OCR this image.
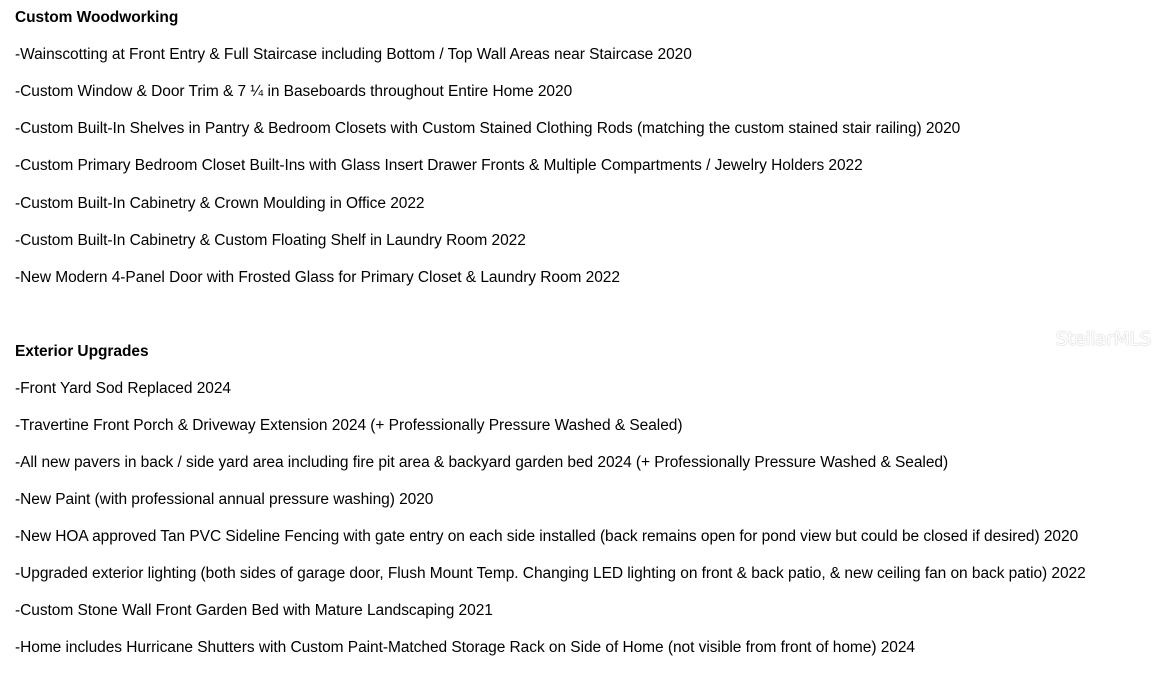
Custom Woodworking
-Wainscotting at Front Entry & Full Staircase including Bottom / Top Wall Areas near Staircase 2020
-Custom Window & Door Trim & 7 ¼ in Baseboards throughout Entire Home 2020
-Custom Built-In Shelves in Pantry & Bedroom Closets with Custom Stained Clothing Rods (matching the custom stained stair railing) 2020
-Custom Primary Bedroom Closet Built-Ins with Glass Insert Drawer Fronts & Multiple Compartments / Jewelry Holders 2022
-Custom Built-In Cabinetry & Crown Moulding in Office 2022
-Custom Built-In Cabinetry & Custom Floating Shelf in Laundry Room 2022
-New Modern 4-Panel Door with Frosted Glass for Primary Closet & Laundry Room 2022
Exterior Upgrades
-Front Yard Sod Replaced 2024
-Travertine Front Porch & Driveway Extension 2024 (+ Professionally Pressure Washed & Sealed)
-All new pavers in back / side yard area including fire pit area & backyard garden bed 2024 (+ Professionally Pressure Washed & Sealed)
-New Paint (with professional annual pressure washing) 2020
-New HOA approved Tan PVC Sideline Fencing with gate entry on each side installed (back remains open for pond view but could be closed if desired) 2020
-Upgraded exterior lighting (both sides of garage door, Flush Mount Temp. Changing LED lighting on front & back patio, & new ceiling fan on back patio) 2022
-Custom Stone Wall Front Garden Bed with Mature Landscaping 2021
-Home includes Hurricane Shutters with Custom Paint-Matched Storage Rack on Side of Home (not visible from front of home) 2024
StellarMLS
